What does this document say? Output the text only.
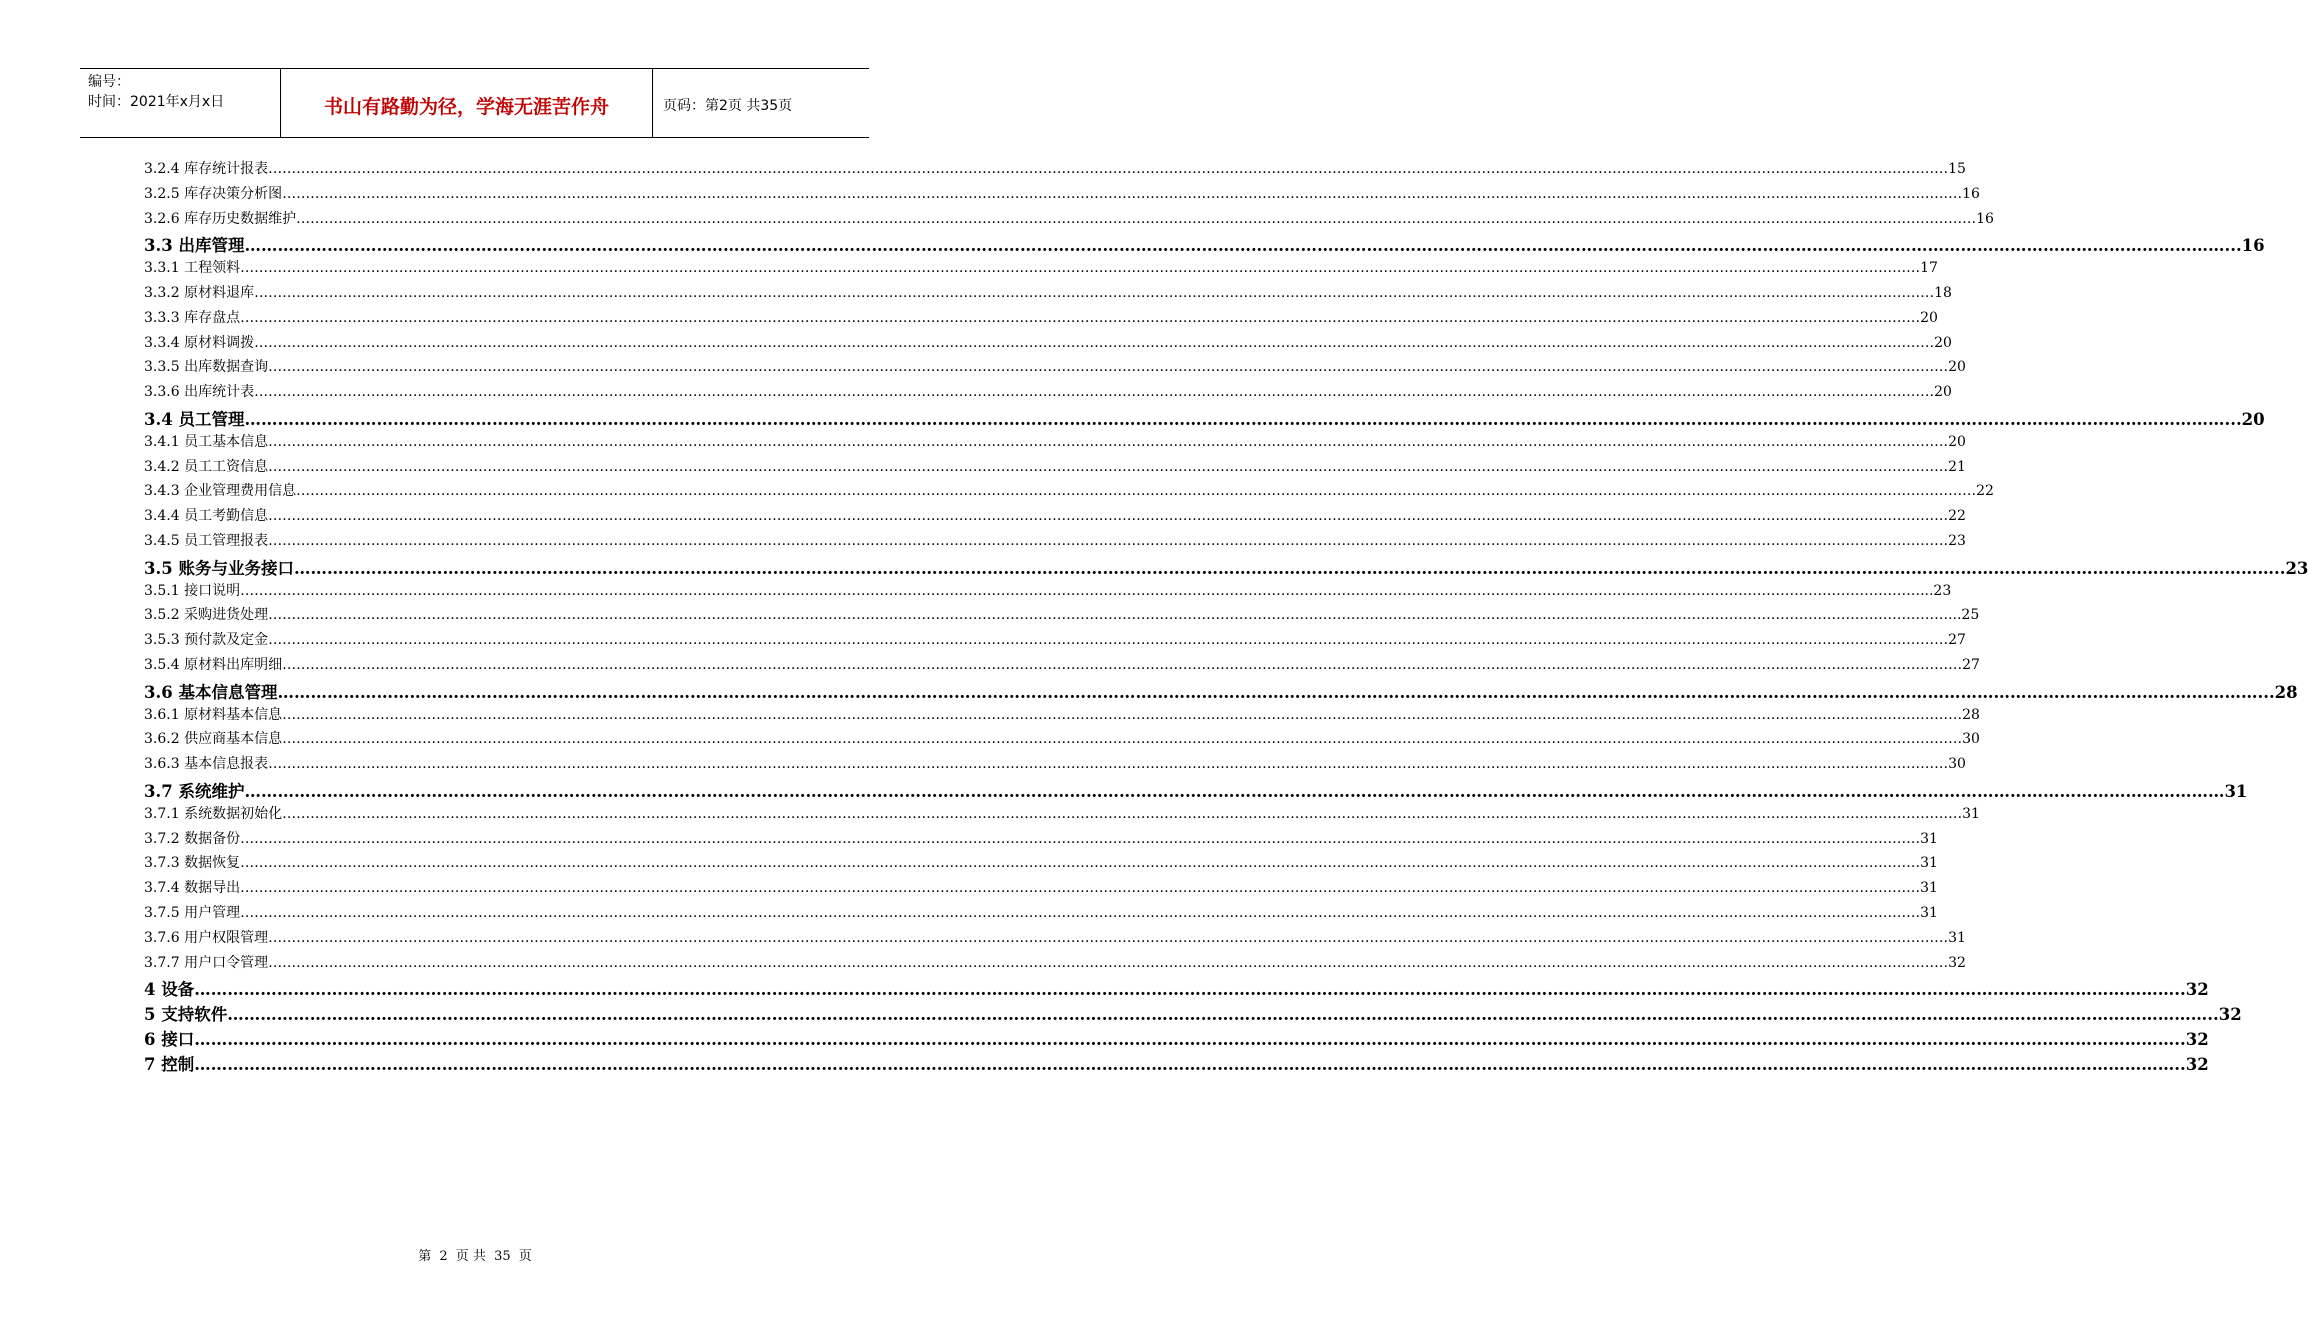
编号：
时间：2021年x月x日	书山有路勤为径，学海无涯苦作舟	页码：第2页 共35页
3.2.4 库存统计报表 ……………………………………………………………………………………………………………………………………………………………………………………………………………………………………………………………………………………………………………………………… 15
3.2.5 库存决策分析图 ……………………………………………………………………………………………………………………………………………………………………………………………………………………………………………………………………………………………………………………………… 16
3.2.6 库存历史数据维护 ……………………………………………………………………………………………………………………………………………………………………………………………………………………………………………………………………………………………………………………………… 16
3.3 出库管理 ……………………………………………………………………………………………………………………………………………………………………………………………………………………………………………………………………………………………………………………………… ...16
3.3.1 工程领料 ……………………………………………………………………………………………………………………………………………………………………………………………………………………………………………………………………………………………………………………………… 17
3.3.2 原材料退库 ……………………………………………………………………………………………………………………………………………………………………………………………………………………………………………………………………………………………………………………………… 18
3.3.3 库存盘点 ……………………………………………………………………………………………………………………………………………………………………………………………………………………………………………………………………………………………………………………………… 20
3.3.4 原材料调拨 ……………………………………………………………………………………………………………………………………………………………………………………………………………………………………………………………………………………………………………………………… 20
3.3.5 出库数据查询 ……………………………………………………………………………………………………………………………………………………………………………………………………………………………………………………………………………………………………………………………… 20
3.3.6 出库统计表 ……………………………………………………………………………………………………………………………………………………………………………………………………………………………………………………………………………………………………………………………… 20
3.4 员工管理 ……………………………………………………………………………………………………………………………………………………………………………………………………………………………………………………………………………………………………………………………… ...20
3.4.1 员工基本信息 ……………………………………………………………………………………………………………………………………………………………………………………………………………………………………………………………………………………………………………………………… 20
3.4.2 员工工资信息 ……………………………………………………………………………………………………………………………………………………………………………………………………………………………………………………………………………………………………………………………… 21
3.4.3 企业管理费用信息 ……………………………………………………………………………………………………………………………………………………………………………………………………………………………………………………………………………………………………………………………… 22
3.4.4 员工考勤信息 ……………………………………………………………………………………………………………………………………………………………………………………………………………………………………………………………………………………………………………………………… 22
3.4.5 员工管理报表 ……………………………………………………………………………………………………………………………………………………………………………………………………………………………………………………………………………………………………………………………… 23
3.5 账务与业务接口 ……………………………………………………………………………………………………………………………………………………………………………………………………………………………………………………………………………………………………………………………… ..23
3.5.1 接口说明 ……………………………………………………………………………………………………………………………………………………………………………………………………………………………………………………………………………………………………………………………… ...23
3.5.2 采购进货处理 ……………………………………………………………………………………………………………………………………………………………………………………………………………………………………………………………………………………………………………………………… ...25
3.5.3 预付款及定金 ……………………………………………………………………………………………………………………………………………………………………………………………………………………………………………………………………………………………………………………………… 27
3.5.4 原材料出库明细 ……………………………………………………………………………………………………………………………………………………………………………………………………………………………………………………………………………………………………………………………… 27
3.6 基本信息管理 ……………………………………………………………………………………………………………………………………………………………………………………………………………………………………………………………………………………………………………………………… ...28
3.6.1 原材料基本信息 ……………………………………………………………………………………………………………………………………………………………………………………………………………………………………………………………………………………………………………………………… 28
3.6.2 供应商基本信息 ……………………………………………………………………………………………………………………………………………………………………………………………………………………………………………………………………………………………………………………………… 30
3.6.3 基本信息报表 ……………………………………………………………………………………………………………………………………………………………………………………………………………………………………………………………………………………………………………………………… 30
3.7 系统维护 ……………………………………………………………………………………………………………………………………………………………………………………………………………………………………………………………………………………………………………………………… 31
3.7.1 系统数据初始化 ……………………………………………………………………………………………………………………………………………………………………………………………………………………………………………………………………………………………………………………………… 31
3.7.2 数据备份 ……………………………………………………………………………………………………………………………………………………………………………………………………………………………………………………………………………………………………………………………… 31
3.7.3 数据恢复 ……………………………………………………………………………………………………………………………………………………………………………………………………………………………………………………………………………………………………………………………… 31
3.7.4 数据导出 ……………………………………………………………………………………………………………………………………………………………………………………………………………………………………………………………………………………………………………………………… 31
3.7.5 用户管理 ……………………………………………………………………………………………………………………………………………………………………………………………………………………………………………………………………………………………………………………………… 31
3.7.6 用户权限管理 ……………………………………………………………………………………………………………………………………………………………………………………………………………………………………………………………………………………………………………………………… 31
3.7.7 用户口令管理 ……………………………………………………………………………………………………………………………………………………………………………………………………………………………………………………………………………………………………………………………… 32
4 设备 ……………………………………………………………………………………………………………………………………………………………………………………………………………………………………………………………………………………………………………………………… ..32
5 支持软件 ……………………………………………………………………………………………………………………………………………………………………………………………………………………………………………………………………………………………………………………………… ..32
6 接口 ……………………………………………………………………………………………………………………………………………………………………………………………………………………………………………………………………………………………………………………………… ..32
7 控制 ……………………………………………………………………………………………………………………………………………………………………………………………………………………………………………………………………………………………………………………………… ..32
第 2 页 共 35 页
